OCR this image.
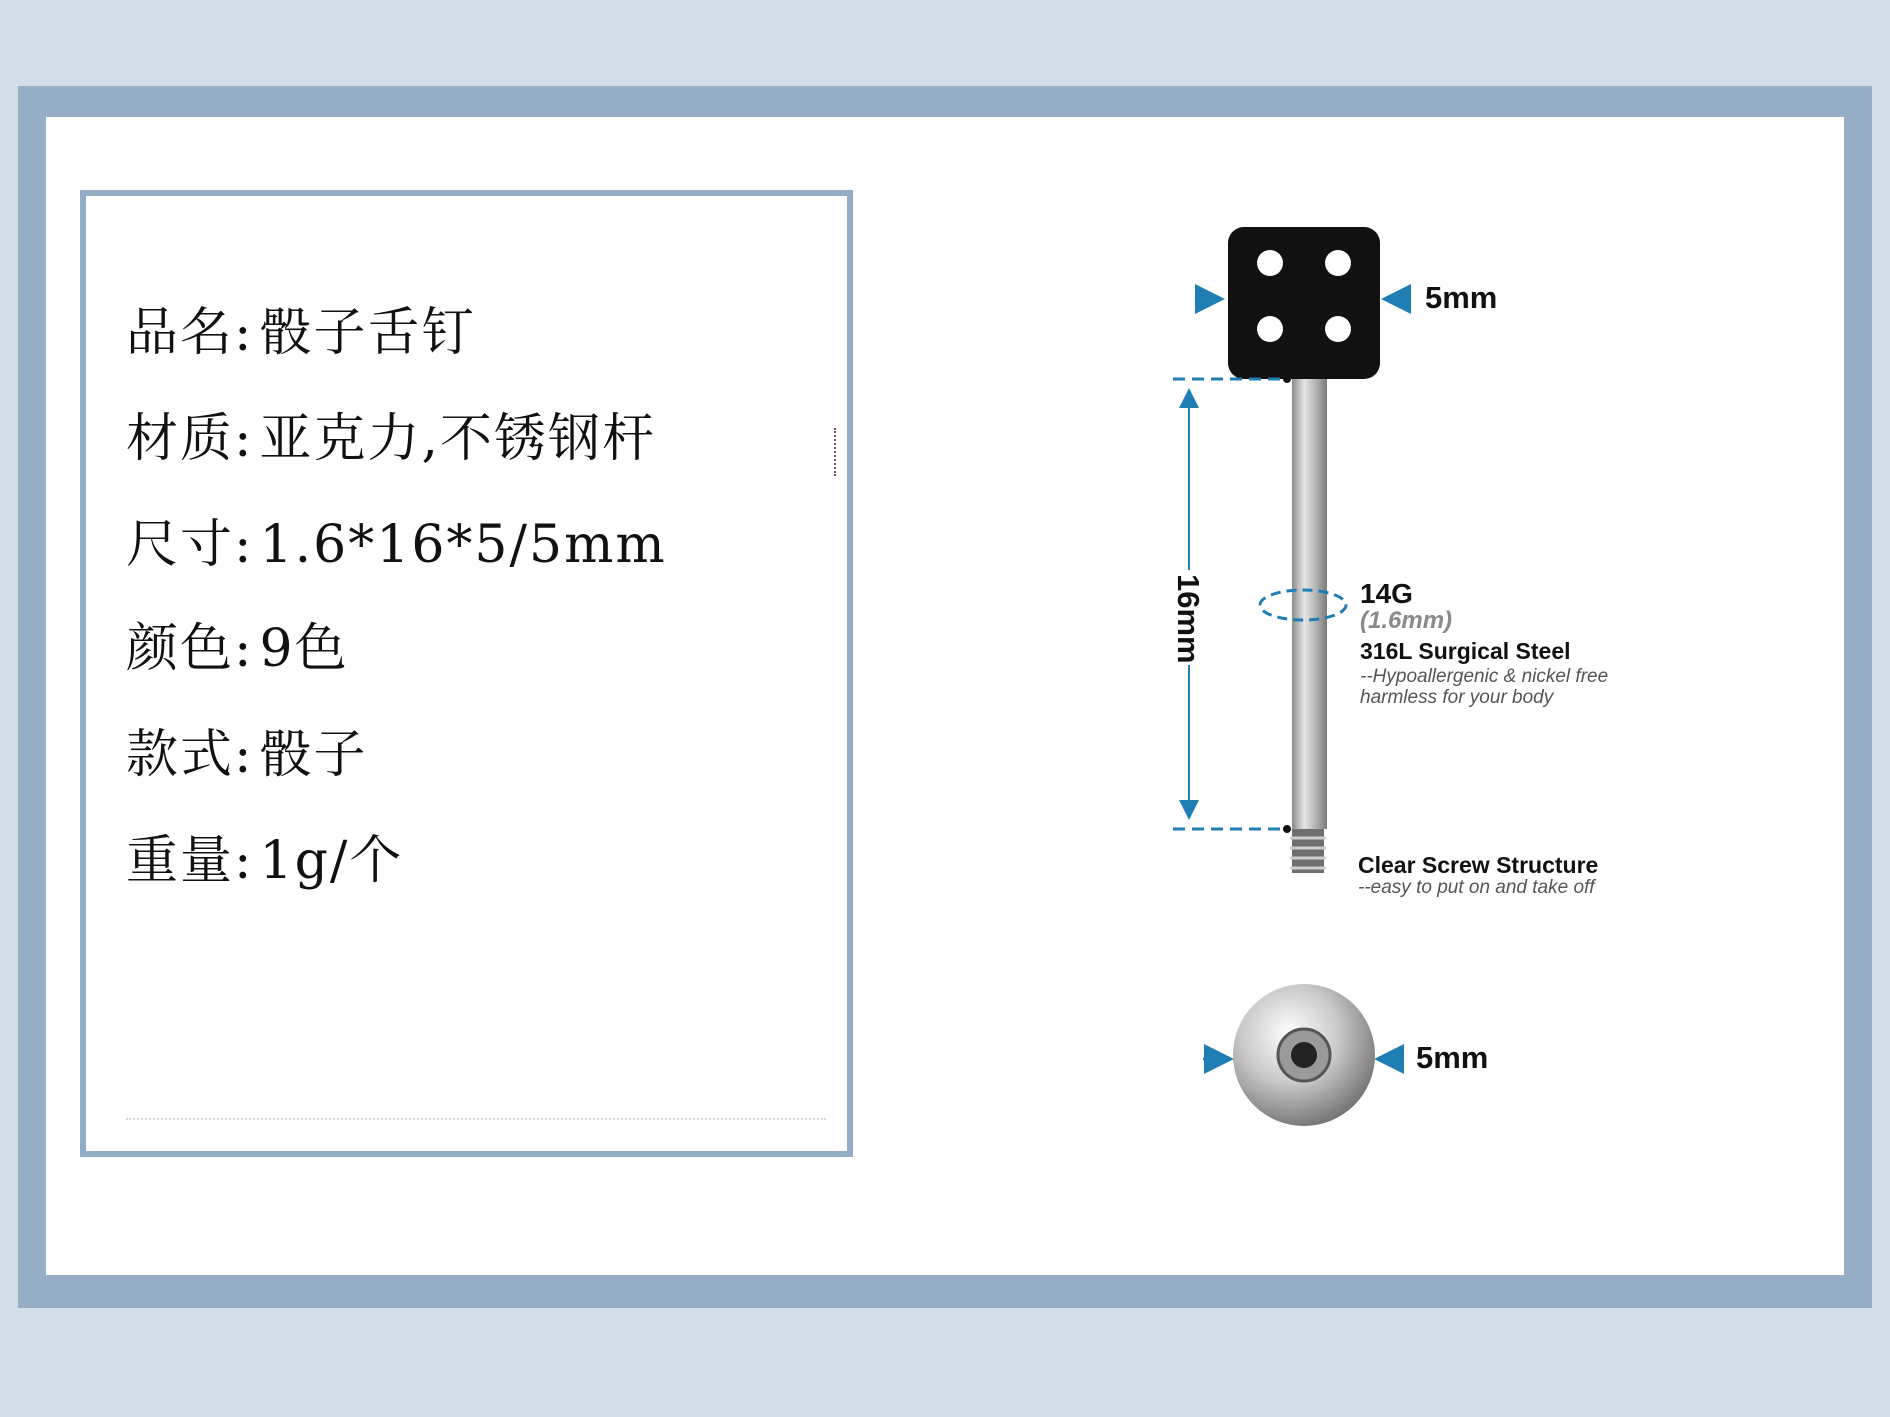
品名: 骰子舌钉

材质: 亚克力,不锈钢杆

尺寸: 1.6*16*5/5mm

颜色: 9色

款式: 骰子

重量: 1g/个

5mm
16mm	14G
(1.6mm)
316L Surgical Steel
--Hypoallergenic & nickel free
harmless for your body
Clear Screw Structure
--easy to put on and take off
5mm
